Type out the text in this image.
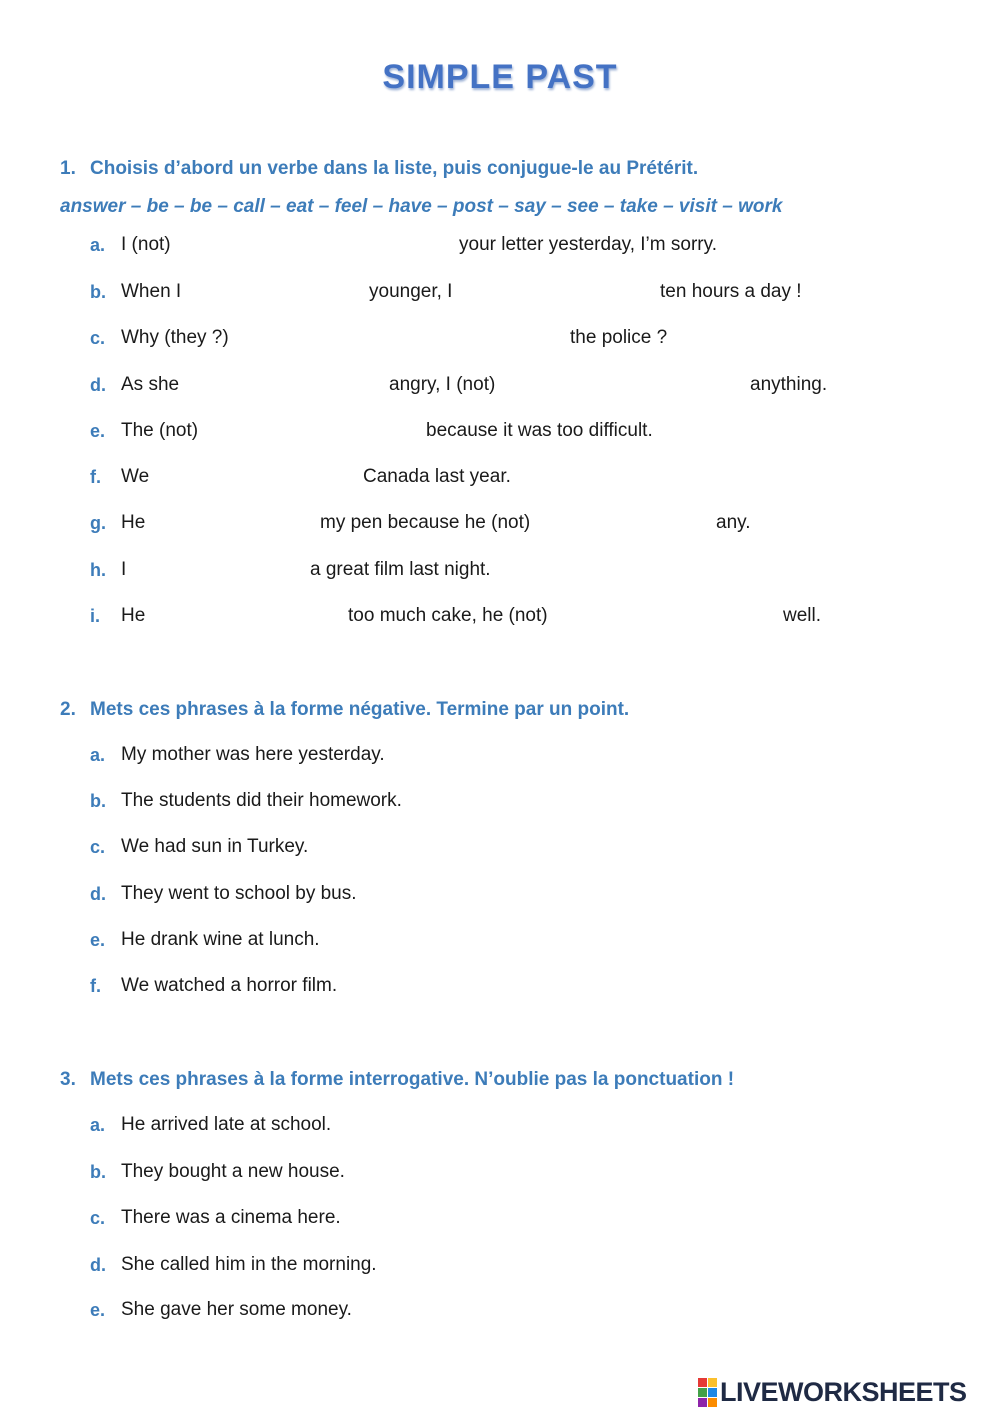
SIMPLE PAST
1. Choisis d’abord un verbe dans la liste, puis conjugue-le au Prétérit.
answer – be – be – call – eat – feel – have – post – say – see – take – visit – work
a. I (not)	your letter yesterday, I’m sorry.
b. When I	younger, I	ten hours a day !
c. Why (they ?)	the police ?
d. As she	angry, I (not)	anything.
e. The (not)	because it was too difficult.
f. We	Canada last year.
g. He	my pen because he (not)	any.
h. I	a great film last night.
i. He	too much cake, he (not)	well.
2. Mets ces phrases à la forme négative. Termine par un point.
a. My mother was here yesterday.
b. The students did their homework.
c. We had sun in Turkey.
d. They went to school by bus.
e. He drank wine at lunch.
f. We watched a horror film.
3. Mets ces phrases à la forme interrogative. N’oublie pas la ponctuation !
a. He arrived late at school.
b. They bought a new house.
c. There was a cinema here.
d. She called him in the morning.
e. She gave her some money.
LIVEWORKSHEETS
